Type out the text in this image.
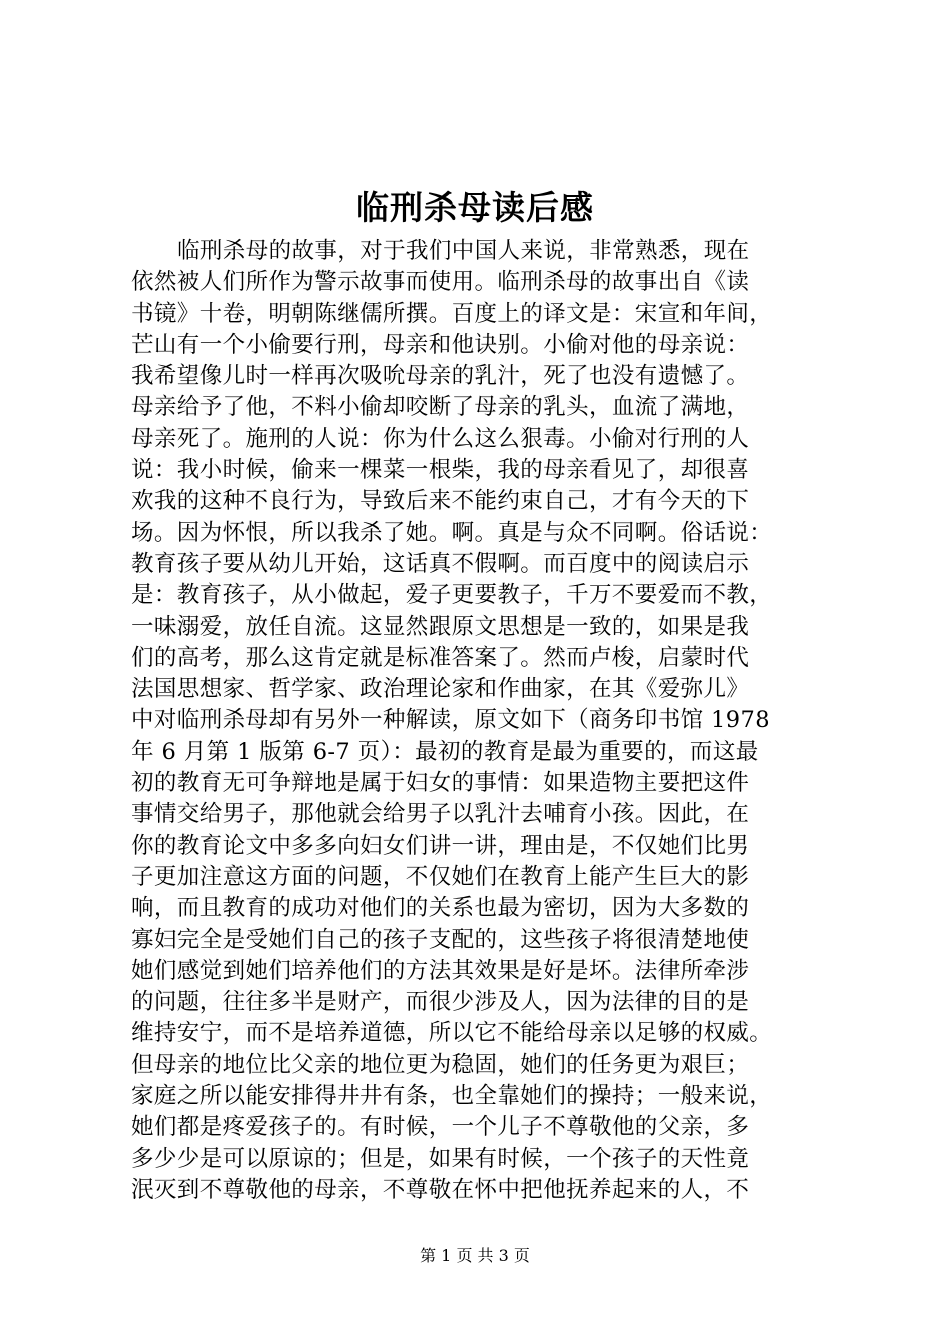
临刑杀母读后感
临刑杀母的故事，对于我们中国人来说，非常熟悉，现在
依然被人们所作为警示故事而使用。临刑杀母的故事出自《读
书镜》十卷，明朝陈继儒所撰。百度上的译文是：宋宣和年间，
芒山有一个小偷要行刑，母亲和他诀别。小偷对他的母亲说：
我希望像儿时一样再次吸吮母亲的乳汁，死了也没有遗憾了。
母亲给予了他，不料小偷却咬断了母亲的乳头，血流了满地，
母亲死了。施刑的人说：你为什么这么狠毒。小偷对行刑的人
说：我小时候，偷来一棵菜一根柴，我的母亲看见了，却很喜
欢我的这种不良行为，导致后来不能约束自己，才有今天的下
场。因为怀恨，所以我杀了她。啊。真是与众不同啊。俗话说：
教育孩子要从幼儿开始，这话真不假啊。而百度中的阅读启示
是：教育孩子，从小做起，爱子更要教子，千万不要爱而不教，
一味溺爱，放任自流。这显然跟原文思想是一致的，如果是我
们的高考，那么这肯定就是标准答案了。然而卢梭，启蒙时代
法国思想家、哲学家、政治理论家和作曲家，在其《爱弥儿》
中对临刑杀母却有另外一种解读，原文如下（商务印书馆 1978
年 6 月第 1 版第 6-7 页）：最初的教育是最为重要的，而这最
初的教育无可争辩地是属于妇女的事情：如果造物主要把这件
事情交给男子，那他就会给男子以乳汁去哺育小孩。因此，在
你的教育论文中多多向妇女们讲一讲，理由是，不仅她们比男
子更加注意这方面的问题，不仅她们在教育上能产生巨大的影
响，而且教育的成功对他们的关系也最为密切，因为大多数的
寡妇完全是受她们自己的孩子支配的，这些孩子将很清楚地使
她们感觉到她们培养他们的方法其效果是好是坏。法律所牵涉
的问题，往往多半是财产，而很少涉及人，因为法律的目的是
维持安宁，而不是培养道德，所以它不能给母亲以足够的权威。
但母亲的地位比父亲的地位更为稳固，她们的任务更为艰巨；
家庭之所以能安排得井井有条，也全靠她们的操持；一般来说，
她们都是疼爱孩子的。有时候，一个儿子不尊敬他的父亲，多
多少少是可以原谅的；但是，如果有时候，一个孩子的天性竟
泯灭到不尊敬他的母亲，不尊敬在怀中把他抚养起来的人，不
第 1 页 共 3 页
